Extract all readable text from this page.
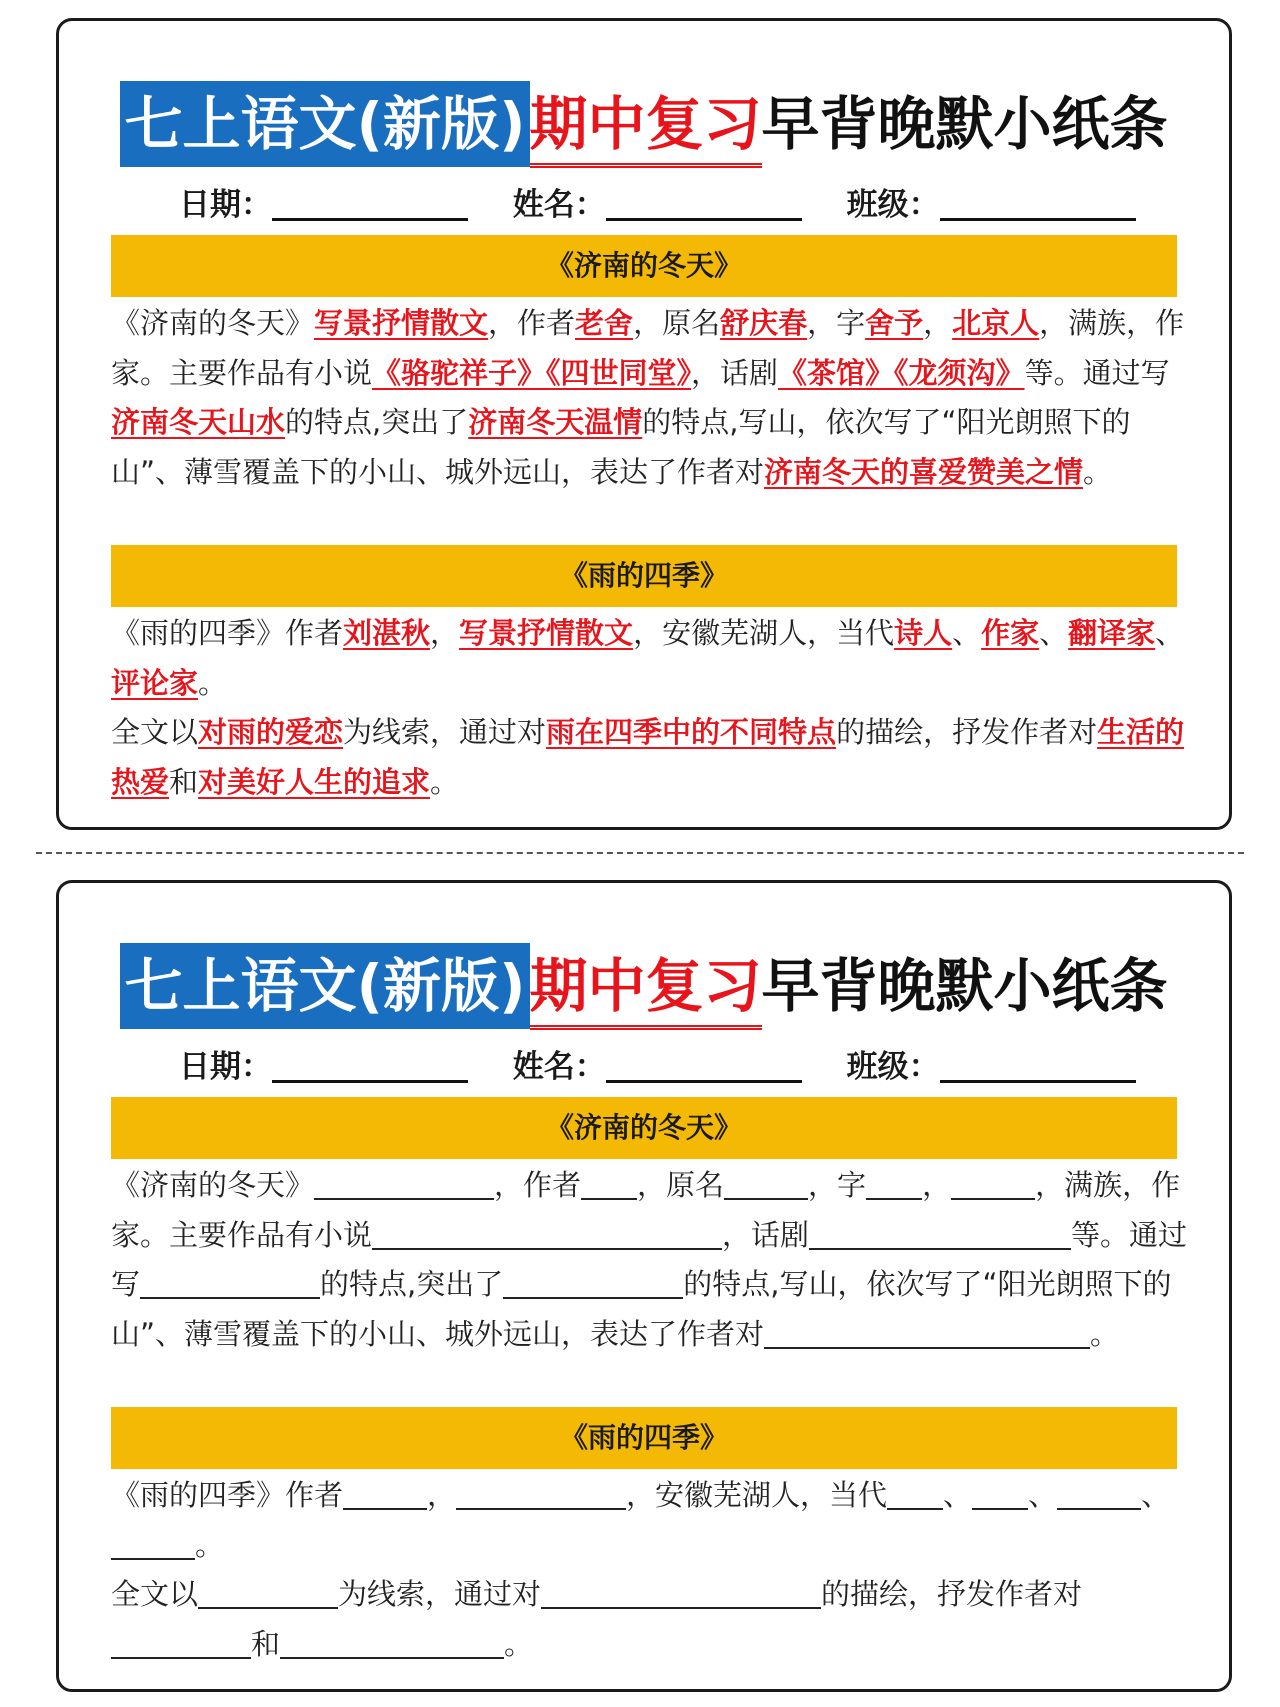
七上语文(新版)期中复习早背晚默小纸条
日期：	姓名：	班级：
《济南的冬天》
《济南的冬天》写景抒情散文，作者老舍，原名舒庆春，字舍予，北京人，满族，作家。主要作品有小说《骆驼祥子》《四世同堂》，话剧《茶馆》《龙须沟》等。通过写济南冬天山水的特点,突出了济南冬天温情的特点,写山，依次写了“阳光朗照下的山”、薄雪覆盖下的小山、城外远山，表达了作者对济南冬天的喜爱赞美之情。
《雨的四季》
《雨的四季》作者刘湛秋，写景抒情散文，安徽芜湖人，当代诗人、作家、翻译家、评论家。
全文以对雨的爱恋为线索，通过对雨在四季中的不同特点的描绘，抒发作者对生活的热爱和对美好人生的追求。
七上语文(新版)期中复习早背晚默小纸条
日期：	姓名：	班级：
《济南的冬天》
《济南的冬天》	，作者 ，原名	，字 ，	，满族，作家。主要作品有小说	，话剧	等。通过写	的特点,突出了	的特点,写山，依次写了“阳光朗照下的山”、薄雪覆盖下的小山、城外远山，表达了作者对	。
《雨的四季》
《雨的四季》作者	，	，安徽芜湖人，当代 、 、	、。
全文以	为线索，通过对	的描绘，抒发作者对和	。
